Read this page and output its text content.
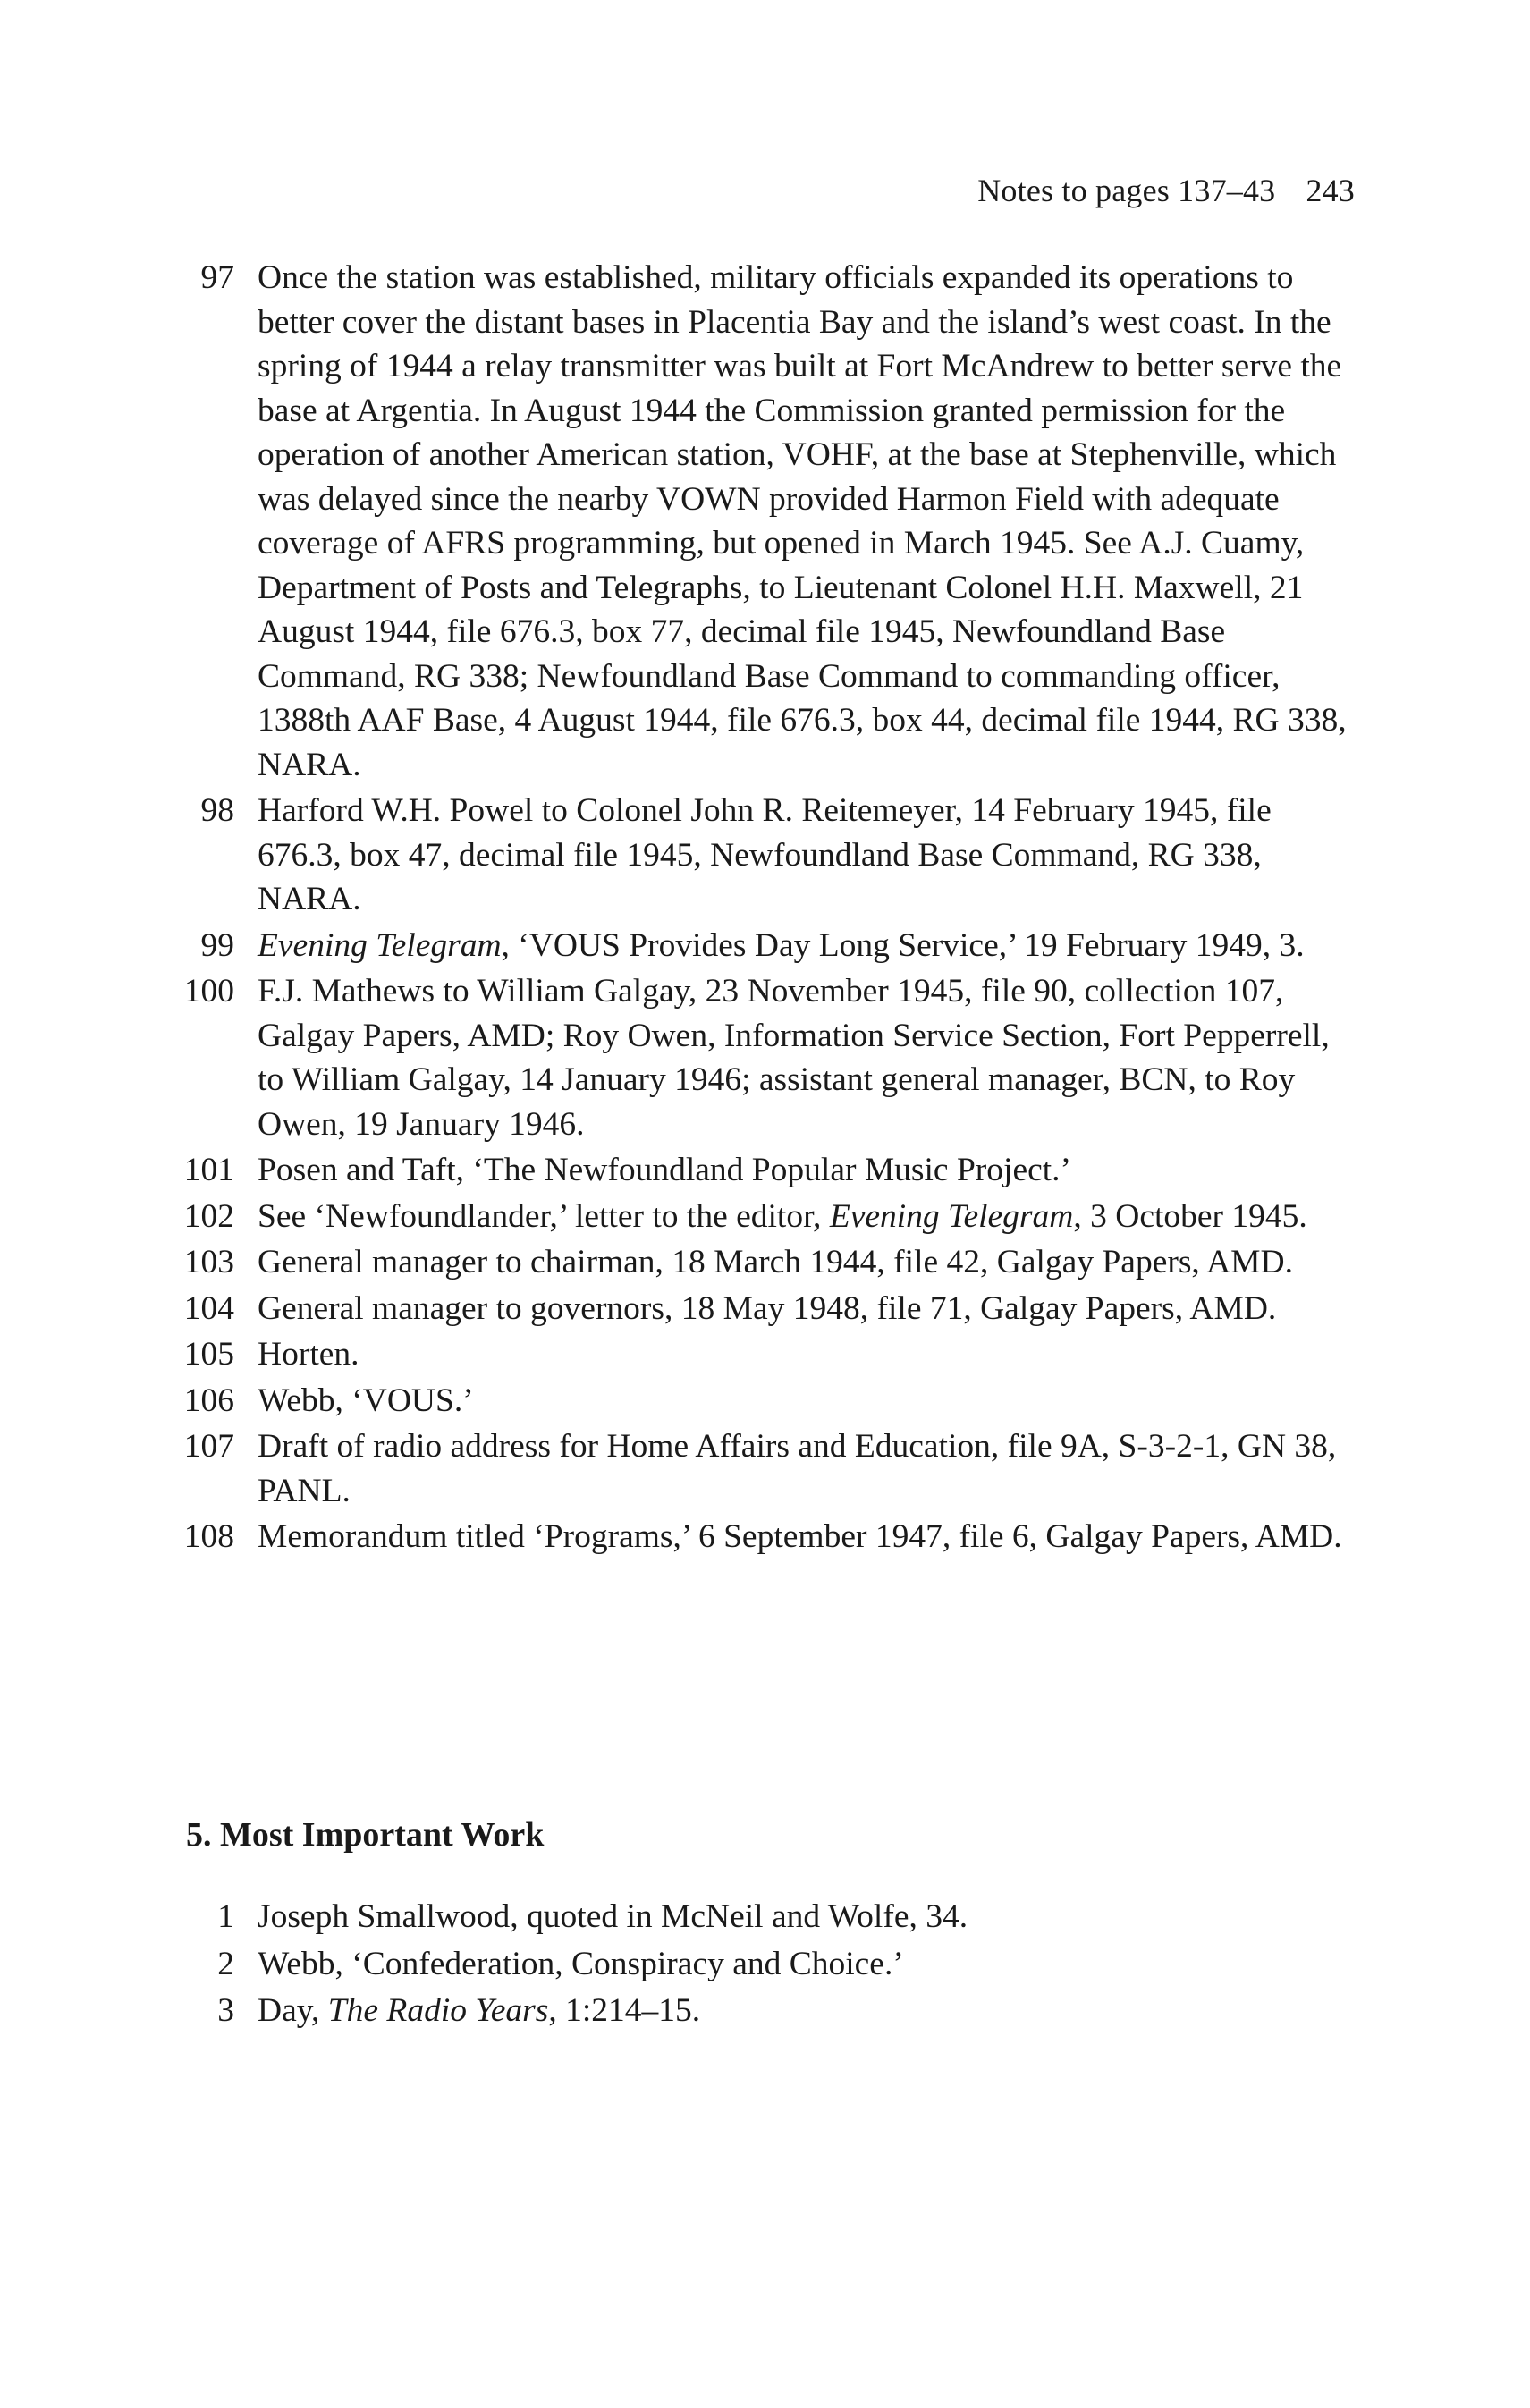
Notes to pages 137–43 243
97 Once the station was established, military officials expanded its operations to better cover the distant bases in Placentia Bay and the island’s west coast. In the spring of 1944 a relay transmitter was built at Fort McAndrew to better serve the base at Argentia. In August 1944 the Commission granted permission for the operation of another American station, VOHF, at the base at Stephenville, which was delayed since the nearby VOWN provided Harmon Field with adequate coverage of AFRS programming, but opened in March 1945. See A.J. Cuamy, Department of Posts and Telegraphs, to Lieutenant Colonel H.H. Maxwell, 21 August 1944, file 676.3, box 77, decimal file 1945, Newfoundland Base Command, RG 338; Newfoundland Base Command to commanding officer, 1388th AAF Base, 4 August 1944, file 676.3, box 44, decimal file 1944, RG 338, NARA.
98 Harford W.H. Powel to Colonel John R. Reitemeyer, 14 February 1945, file 676.3, box 47, decimal file 1945, Newfoundland Base Command, RG 338, NARA.
99 Evening Telegram, ‘VOUS Provides Day Long Service,’ 19 February 1949, 3.
100 F.J. Mathews to William Galgay, 23 November 1945, file 90, collection 107, Galgay Papers, AMD; Roy Owen, Information Service Section, Fort Pepperrell, to William Galgay, 14 January 1946; assistant general manager, BCN, to Roy Owen, 19 January 1946.
101 Posen and Taft, ‘The Newfoundland Popular Music Project.’
102 See ‘Newfoundlander,’ letter to the editor, Evening Telegram, 3 October 1945.
103 General manager to chairman, 18 March 1944, file 42, Galgay Papers, AMD.
104 General manager to governors, 18 May 1948, file 71, Galgay Papers, AMD.
105 Horten.
106 Webb, ‘VOUS.’
107 Draft of radio address for Home Affairs and Education, file 9A, S-3-2-1, GN 38, PANL.
108 Memorandum titled ‘Programs,’ 6 September 1947, file 6, Galgay Papers, AMD.
5. Most Important Work
1 Joseph Smallwood, quoted in McNeil and Wolfe, 34.
2 Webb, ‘Confederation, Conspiracy and Choice.’
3 Day, The Radio Years, 1:214–15.
